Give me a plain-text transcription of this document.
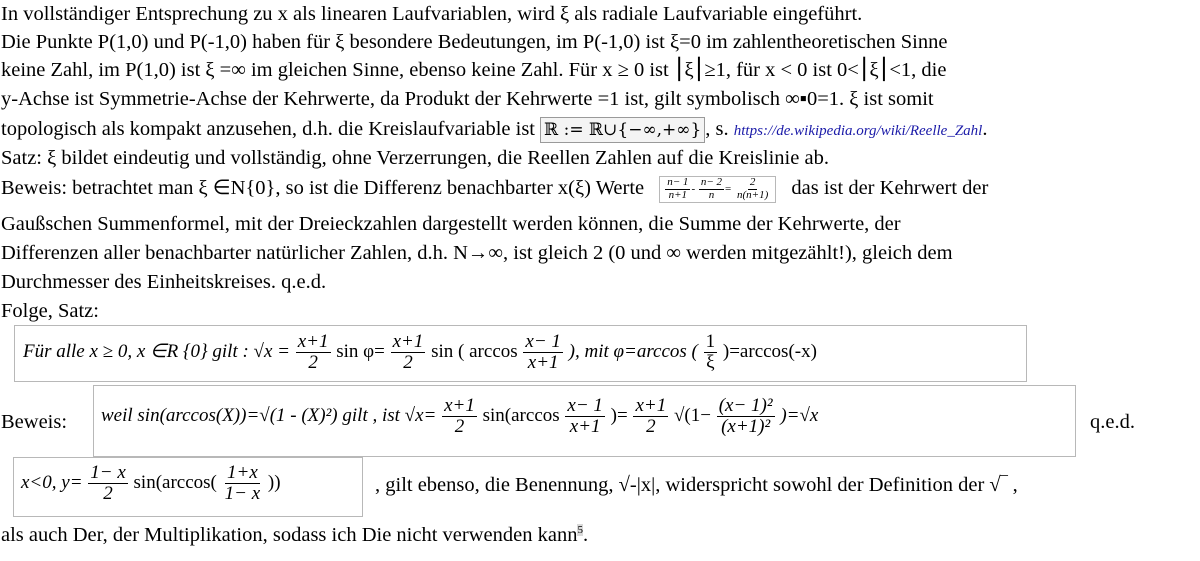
In vollständiger Entsprechung zu x als linearen Laufvariablen, wird ξ als radiale Laufvariable eingeführt.
Die Punkte P(1,0) und P(-1,0) haben für ξ besondere Bedeutungen, im P(-1,0) ist ξ=0 im zahlentheoretischen Sinne
keine Zahl, im P(1,0) ist ξ =∞ im gleichen Sinne, ebenso keine Zahl. Für x ≥ 0 ist ⎮ξ⎮≥1, für x < 0 ist 0<⎮ξ⎮<1, die
y-Achse ist Symmetrie-Achse der Kehrwerte, da Produkt der Kehrwerte =1 ist, gilt symbolisch ∞▪0=1. ξ ist somit
topologisch als kompakt anzusehen, d.h. die Kreislaufvariable ist ℝ := ℝ∪{−∞,+∞} , s. https://de.wikipedia.org/wiki/Reelle_Zahl.
Satz: ξ bildet eindeutig und vollständig, ohne Verzerrungen, die Reellen Zahlen auf die Kreislinie ab.
Beweis: betrachtet man ξ ∈N{0}, so ist die Differenz benachbarter x(ξ) Werte $\frac{n- 1}{n+1} - \frac{n- 2}{n} = \frac{2}{n(n+1)}$ das ist der Kehrwert der
Gaußschen Summenformel, mit der Dreieckzahlen dargestellt werden können, die Summe der Kehrwerte, der
Differenzen aller benachbarter natürlicher Zahlen, d.h. N→∞, ist gleich 2 (0 und ∞ werden mitgezählt!), gleich dem
Durchmesser des Einheitskreises. q.e.d.
Folge, Satz:
Für alle x ≥ 0, x ∈R {0} gilt : $√x = \frac{x+1}{2}$ $\sin \varphi= \frac{x+1}{2}$ sin ( $\arccos \frac{x- 1}{x+1}$ ), mit φ=arccos ( $\frac{1}{\xi} )=\arccos(-x)$
Beweis: weil sin(arccos(X))=√(1 - (X)²) gilt , ist $√x= \frac{x+1}{2} \sin(\arccos \frac{x- 1}{x+1}$ )= $\frac{x+1}{2} √(1- \frac{\text{(x− 1)²}}{\text{(x+1)²}} )=√x$	q.e.d.
x<0, $y= \frac{1- x}{2} \sin(\arccos( \frac{1+x}{1- x}$ ))	, gilt ebenso, die Benennung, √-|x|, widerspricht sowohl der Definition der √‾ ,
als auch Der, der Multiplikation, sodass ich Die nicht verwenden kann$^5$.
